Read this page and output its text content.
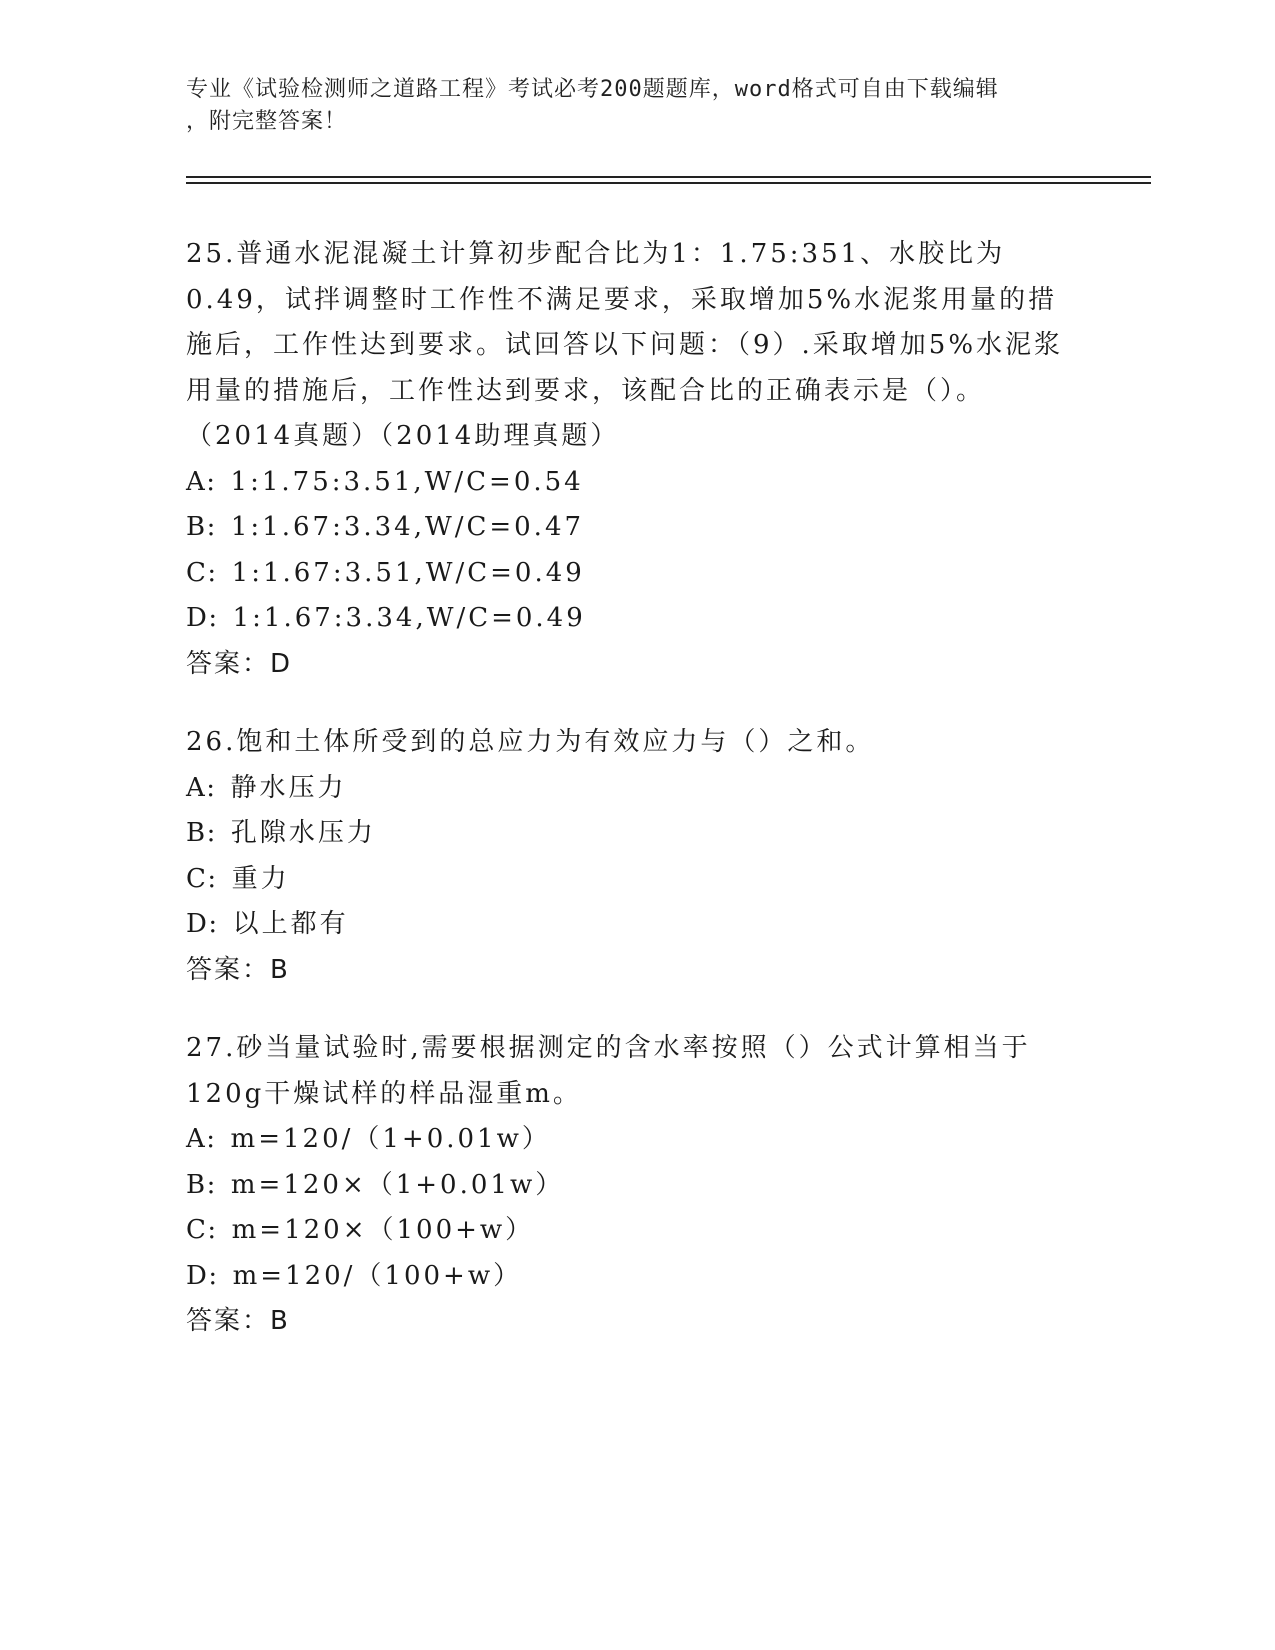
专业《试验检测师之道路工程》考试必考200题题库，word格式可自由下载编辑
，附完整答案！
25.普通水泥混凝土计算初步配合比为1：1.75:351、水胶比为0.49，试拌调整时工作性不满足要求，采取增加5%水泥浆用量的措施后，工作性达到要求。试回答以下问题：（9）.采取增加5%水泥浆用量的措施后，工作性达到要求，该配合比的正确表示是（）。（2014真题）（2014助理真题）
A: 1:1.75:3.51,W/C=0.54
B: 1:1.67:3.34,W/C=0.47
C: 1:1.67:3.51,W/C=0.49
D: 1:1.67:3.34,W/C=0.49
答案：D
26.饱和土体所受到的总应力为有效应力与（）之和。
A: 静水压力
B: 孔隙水压力
C: 重力
D: 以上都有
答案：B
27.砂当量试验时,需要根据测定的含水率按照（）公式计算相当于120g干燥试样的样品湿重m。
A: m=120/（1+0.01w）
B: m=120×（1+0.01w）
C: m=120×（100+w）
D: m=120/（100+w）
答案：B
